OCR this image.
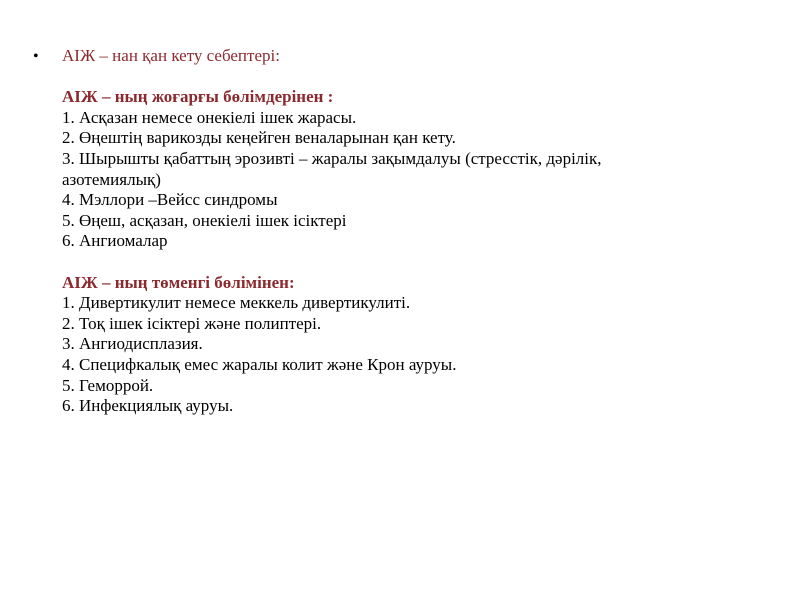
• АІЖ – нан қан кету себептері:

АІЖ – ның жоғарғы бөлімдерінен :

1. Асқазан немесе онекіелі ішек жарасы.
2. Өңештің варикозды кеңейген веналарынан қан кету.
3. Шырышты қабаттың эрозивті – жаралы зақымдалуы (стресстік, дәрілік,
азотемиялық)
4. Мэллори –Вейсс синдромы
5. Өңеш, асқазан, онекіелі ішек ісіктері
6. Ангиомалар

АІЖ – ның төменгі бөлімінен:

1. Дивертикулит немесе меккель дивертикулиті.
2. Тоқ ішек ісіктері және полиптері.
3. Ангиодисплазия.
4. Специфкалық емес жаралы колит және Крон ауруы.
5. Геморрой.
6. Инфекциялық ауруы.
